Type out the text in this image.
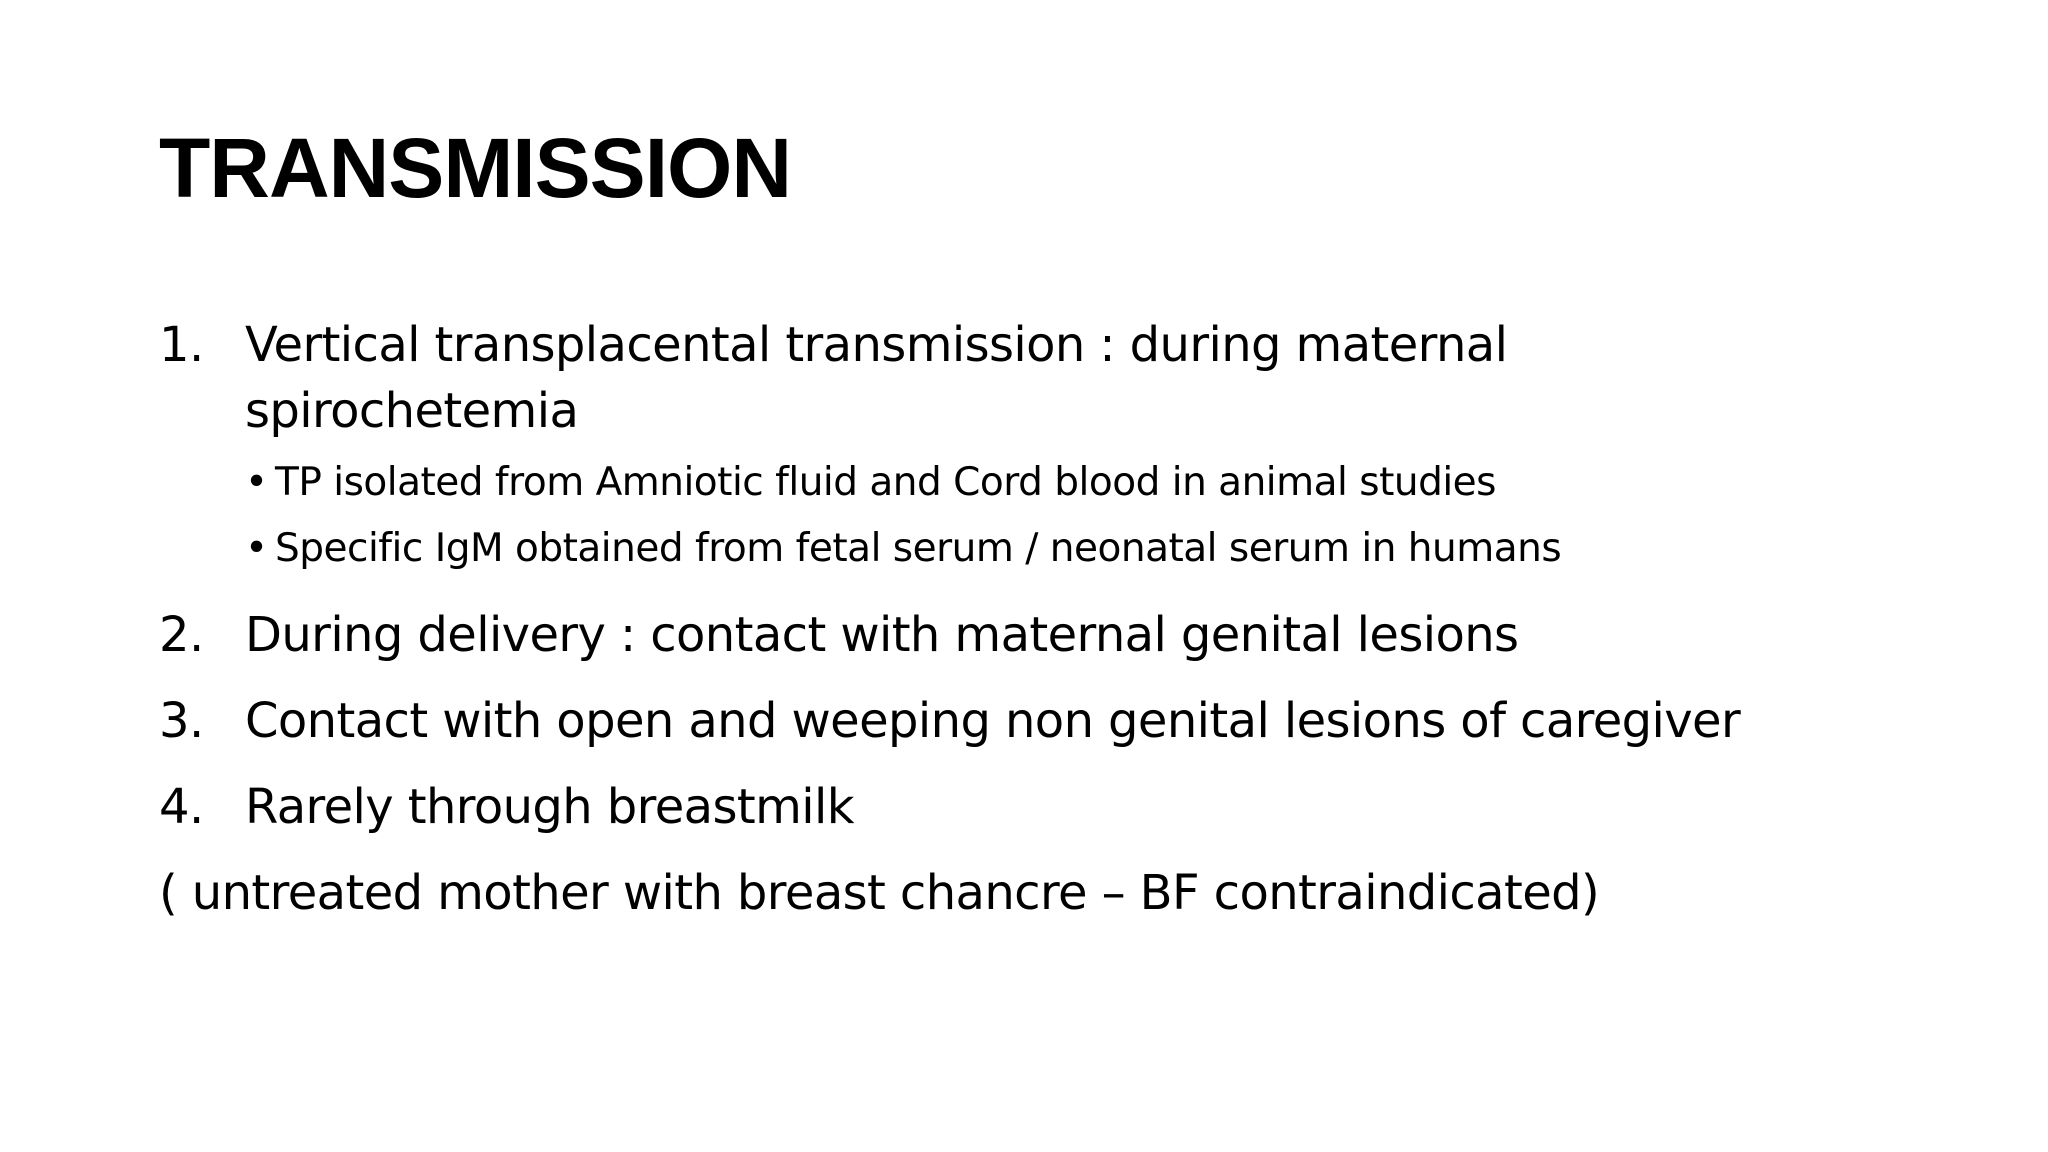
TRANSMISSION
1. Vertical transplacental transmission : during maternal spirochetemia
• TP isolated from Amniotic fluid and Cord blood in animal studies
• Specific IgM obtained from fetal serum / neonatal serum in humans
2. During delivery : contact with maternal genital lesions
3. Contact with open and weeping non genital lesions of caregiver
4. Rarely through breastmilk
( untreated mother with breast chancre – BF contraindicated)
